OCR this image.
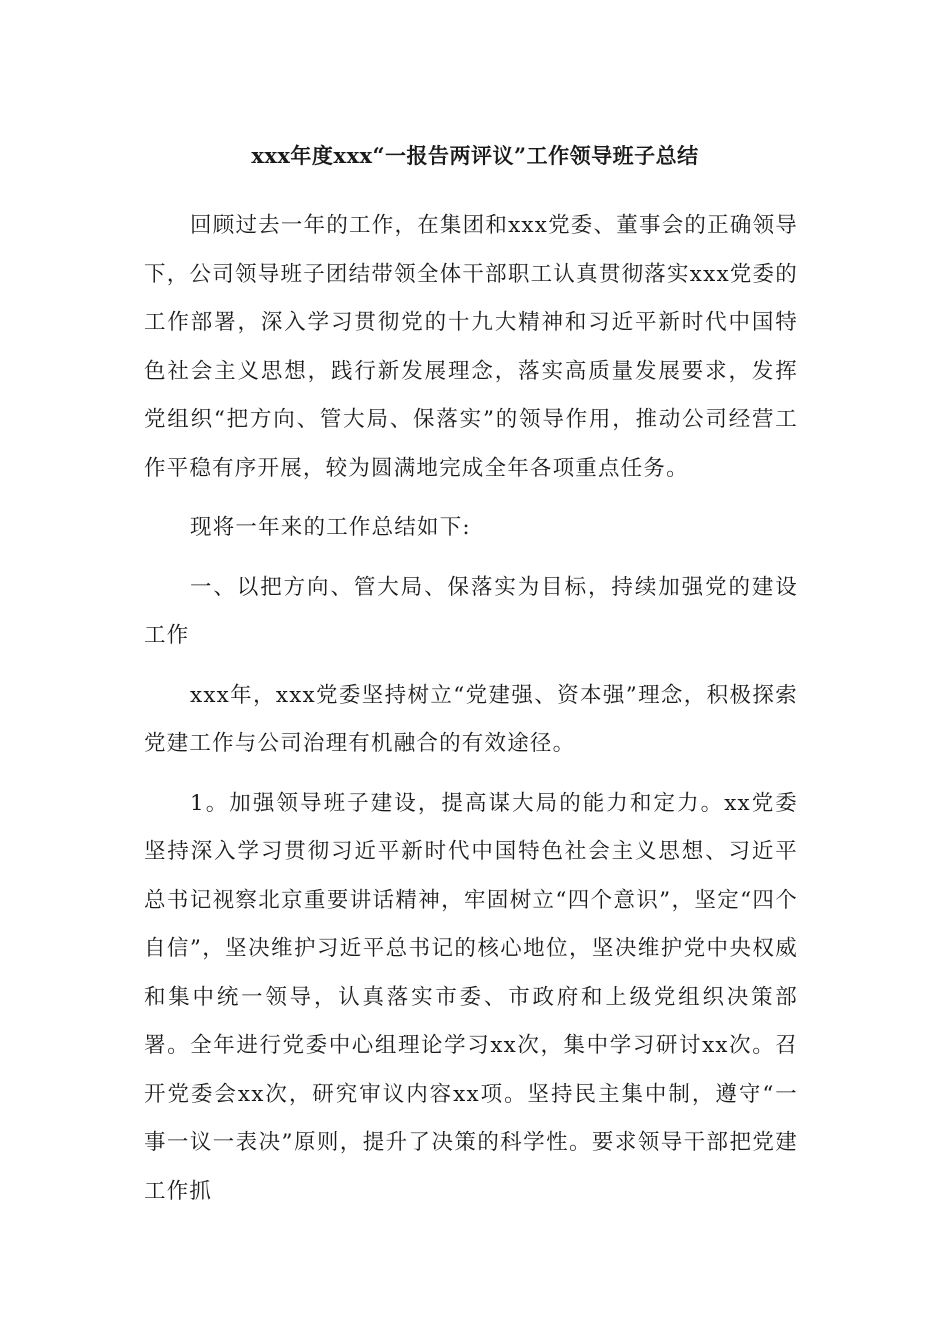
xxx年度xxx“一报告两评议”工作领导班子总结

回顾过去一年的工作，在集团和xxx党委、董事会的正确领导下，公司领导班子团结带领全体干部职工认真贯彻落实xxx党委的工作部署，深入学习贯彻党的十九大精神和习近平新时代中国特色社会主义思想，践行新发展理念，落实高质量发展要求，发挥党组织“把方向、管大局、保落实”的领导作用，推动公司经营工作平稳有序开展，较为圆满地完成全年各项重点任务。

现将一年来的工作总结如下:

一、以把方向、管大局、保落实为目标，持续加强党的建设工作

xxx年，xxx党委坚持树立“党建强、资本强”理念，积极探索党建工作与公司治理有机融合的有效途径。

1。加强领导班子建设，提高谋大局的能力和定力。xx党委坚持深入学习贯彻习近平新时代中国特色社会主义思想、习近平总书记视察北京重要讲话精神，牢固树立“四个意识”，坚定“四个自信”，坚决维护习近平总书记的核心地位，坚决维护党中央权威和集中统一领导，认真落实市委、市政府和上级党组织决策部署。全年进行党委中心组理论学习xx次，集中学习研讨xx次。召开党委会xx次，研究审议内容xx项。坚持民主集中制，遵守“一事一议一表决”原则，提升了决策的科学性。要求领导干部把党建工作抓
